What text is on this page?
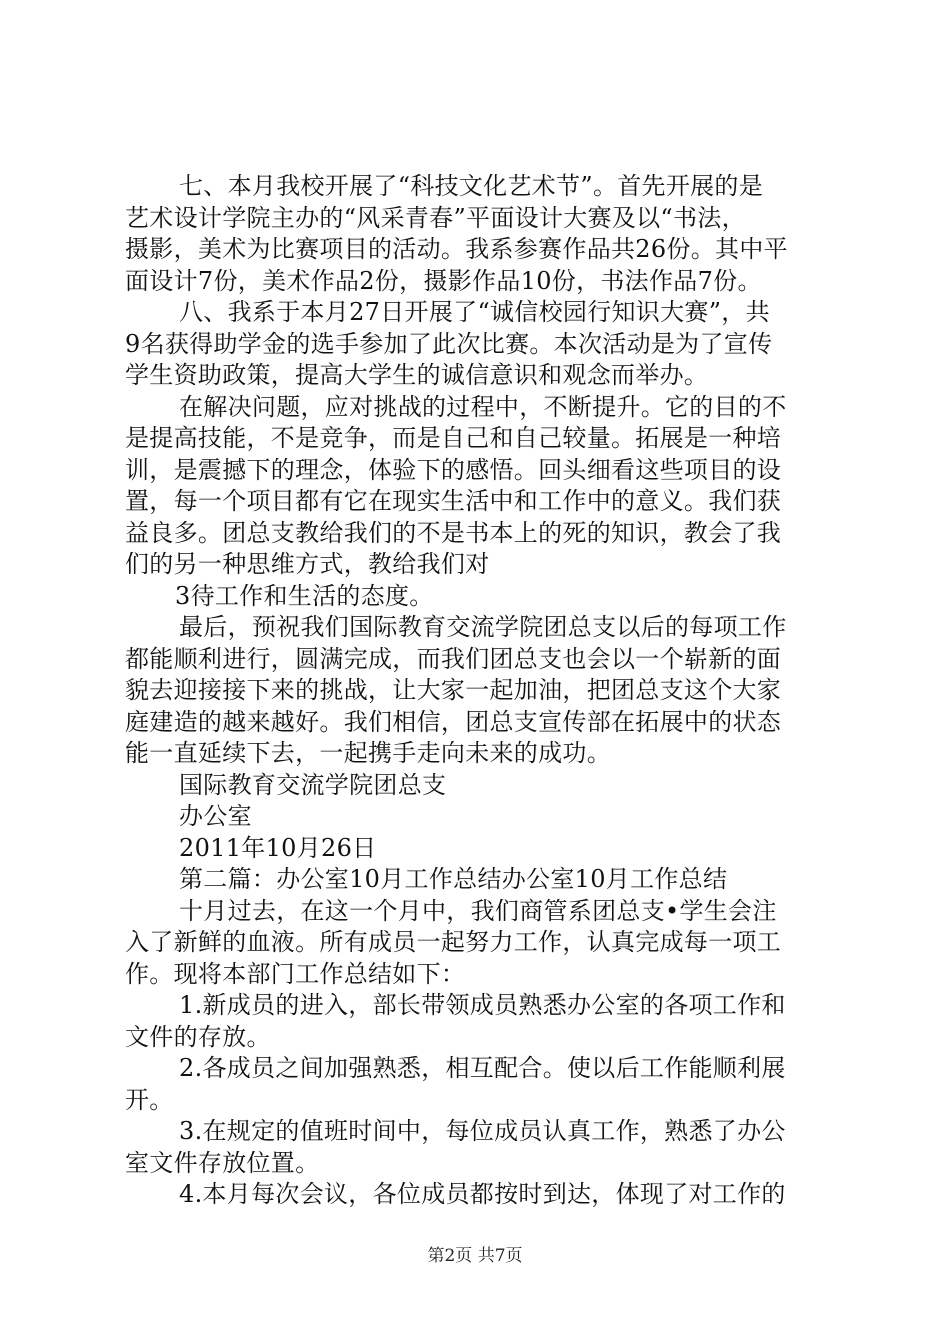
七、本月我校开展了“科技文化艺术节”。首先开展的是
艺术设计学院主办的“风采青春”平面设计大赛及以“书法，
摄影，美术为比赛项目的活动。我系参赛作品共26份。其中平
面设计7份，美术作品2份，摄影作品10份，书法作品7份。
八、我系于本月27日开展了“诚信校园行知识大赛”，共
9名获得助学金的选手参加了此次比赛。本次活动是为了宣传
学生资助政策，提高大学生的诚信意识和观念而举办。
在解决问题，应对挑战的过程中，不断提升。它的目的不
是提高技能，不是竞争，而是自己和自己较量。拓展是一种培
训，是震撼下的理念，体验下的感悟。回头细看这些项目的设
置，每一个项目都有它在现实生活中和工作中的意义。我们获
益良多。团总支教给我们的不是书本上的死的知识，教会了我
们的另一种思维方式，教给我们对
3待工作和生活的态度。
最后，预祝我们国际教育交流学院团总支以后的每项工作
都能顺利进行，圆满完成，而我们团总支也会以一个崭新的面
貌去迎接接下来的挑战，让大家一起加油，把团总支这个大家
庭建造的越来越好。我们相信，团总支宣传部在拓展中的状态
能一直延续下去，一起携手走向未来的成功。
国际教育交流学院团总支
办公室
2011年10月26日
第二篇：办公室10月工作总结办公室10月工作总结
十月过去，在这一个月中，我们商管系团总支•学生会注
入了新鲜的血液。所有成员一起努力工作，认真完成每一项工
作。现将本部门工作总结如下：
1.新成员的进入，部长带领成员熟悉办公室的各项工作和
文件的存放。
2.各成员之间加强熟悉，相互配合。使以后工作能顺利展
开。
3.在规定的值班时间中，每位成员认真工作，熟悉了办公
室文件存放位置。
4.本月每次会议，各位成员都按时到达，体现了对工作的
第2页 共7页
